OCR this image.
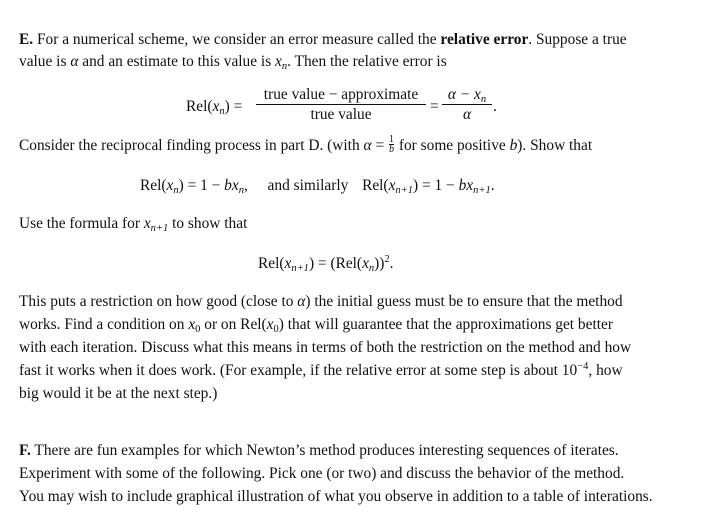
E. For a numerical scheme, we consider an error measure called the relative error. Suppose a true
value is α and an estimate to this value is $x_n$. Then the relative error is
$Rel(x_n)$ =
true value − approximate
true value	=
$\alpha - x_n$
α	.
Consider the reciprocal finding process in part D. (with $\alpha = \frac{1}{b}$ for some positive b). Show that
$Rel(x_n) = 1 - bx_n$, and similarly $Rel(x_{n+1}) = 1 - bx_{n+1}$.
Use the formula for $x_{n+1}$ to show that
$Rel(x_{n+1}) = (Rel(x_n))^2$.
This puts a restriction on how good (close to α) the initial guess must be to ensure that the method
works. Find a condition on $x_0$ or on $Rel(x_0)$ that will guarantee that the approximations get better
with each iteration. Discuss what this means in terms of both the restriction on the method and how
fast it works when it does work. (For example, if the relative error at some step is about $10^{-4}$, how
big would it be at the next step.)
F. There are fun examples for which Newton’s method produces interesting sequences of iterates.
Experiment with some of the following. Pick one (or two) and discuss the behavior of the method.
You may wish to include graphical illustration of what you observe in addition to a table of interations.
